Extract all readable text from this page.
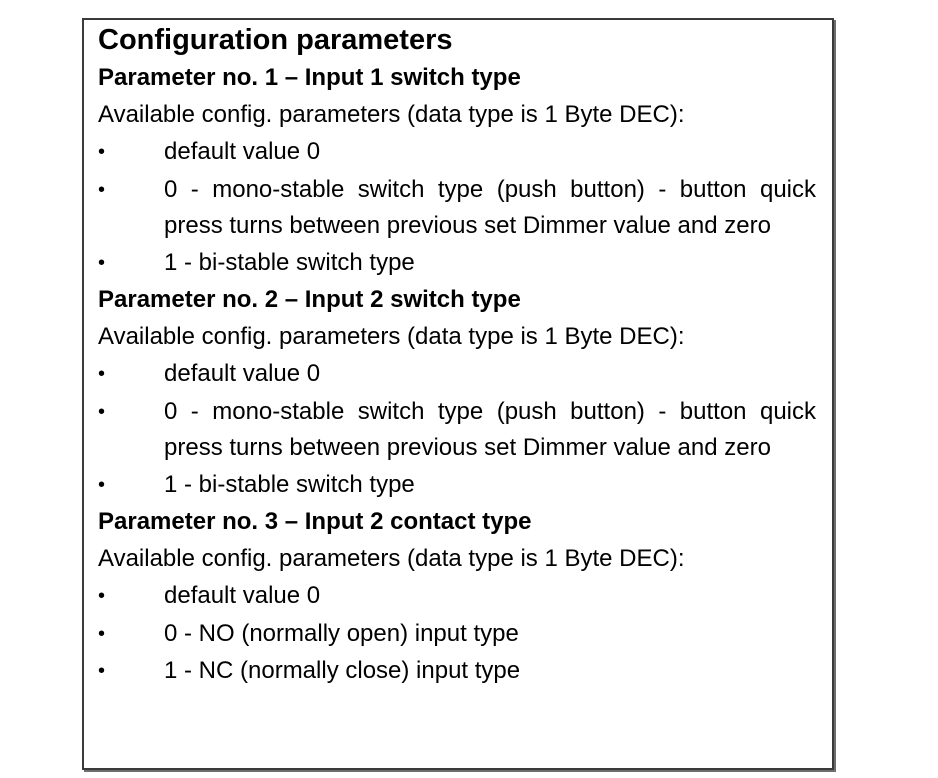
Configuration parameters
Parameter no. 1 – Input 1 switch type
Available config. parameters (data type is 1 Byte DEC):
• default value 0
• 0 - mono-stable switch type (push button) - button quick press turns between previous set Dimmer value and zero
• 1 - bi-stable switch type
Parameter no. 2 – Input 2 switch type
Available config. parameters (data type is 1 Byte DEC):
• default value 0
• 0 - mono-stable switch type (push button) - button quick press turns between previous set Dimmer value and zero
• 1 - bi-stable switch type
Parameter no. 3 – Input 2 contact type
Available config. parameters (data type is 1 Byte DEC):
• default value 0
• 0 - NO (normally open) input type
• 1 - NC (normally close) input type
